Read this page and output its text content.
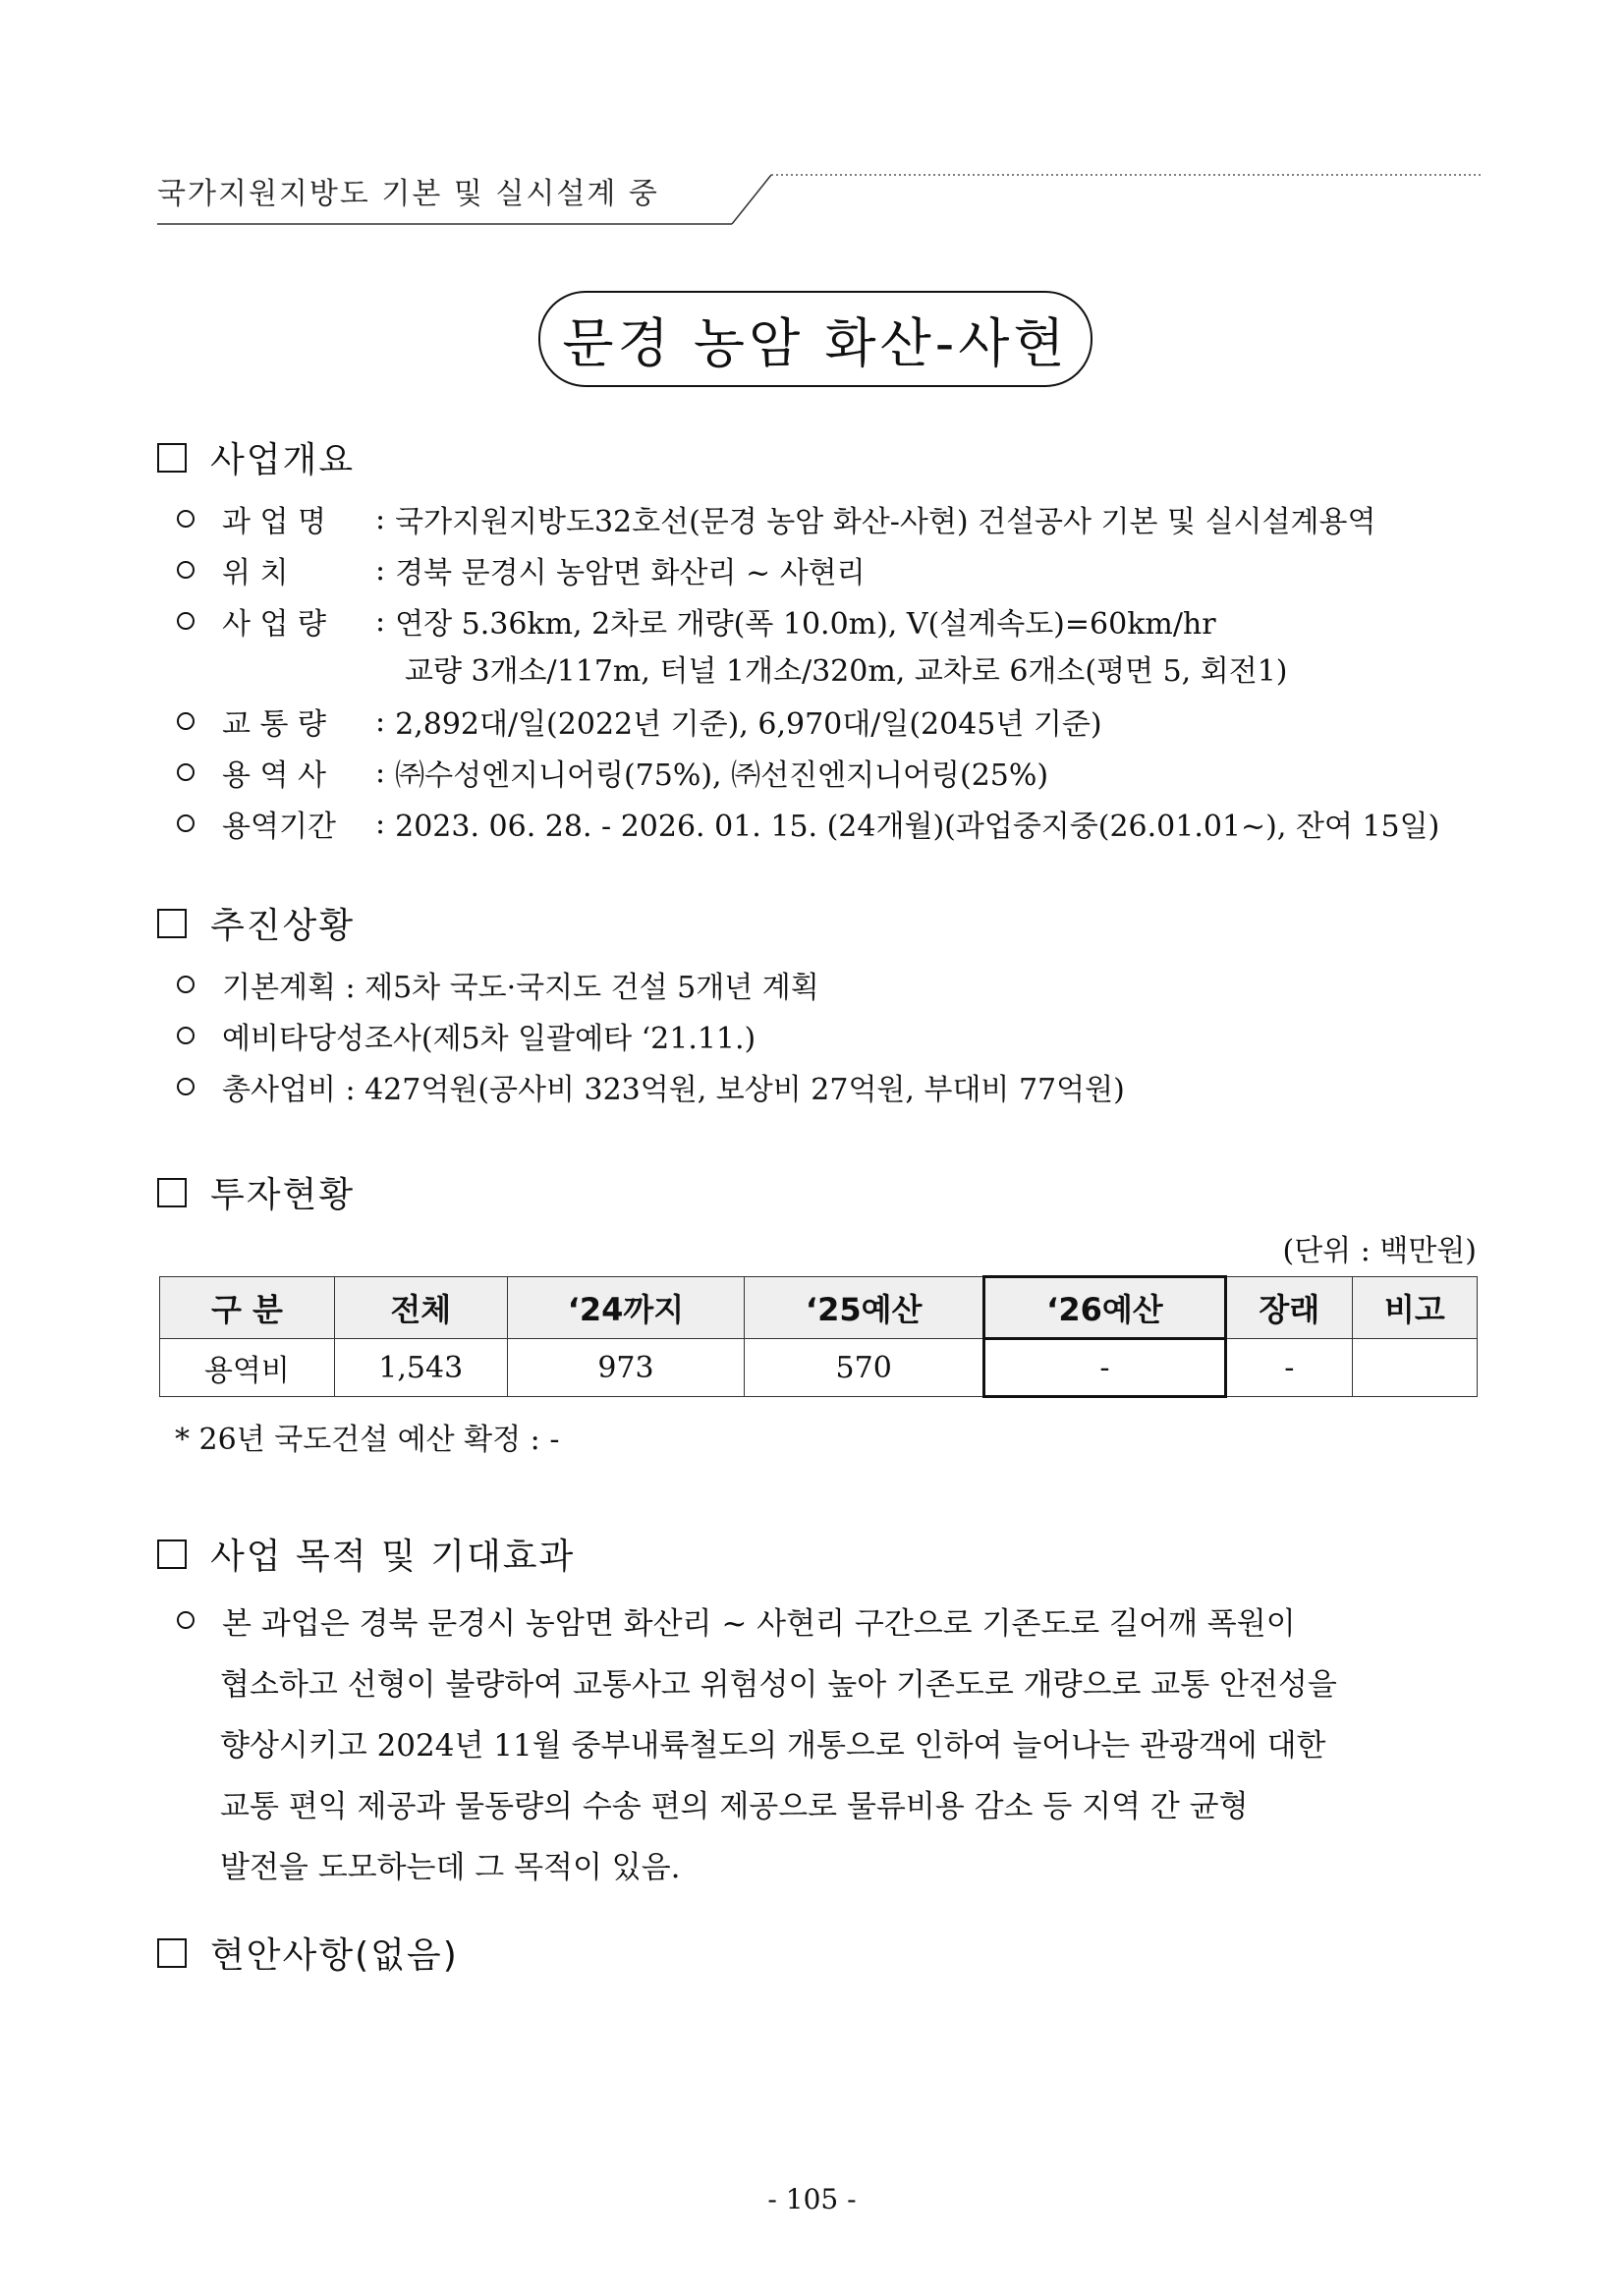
국가지원지방도 기본 및 실시설계 중
문경 농암 화산-사현
사업개요
과 업 명	: 국가지원지방도32호선(문경 농암 화산-사현) 건설공사 기본 및 실시설계용역
위 치	: 경북 문경시 농암면 화산리 ~ 사현리
사 업 량	: 연장 5.36km, 2차로 개량(폭 10.0m), V(설계속도)=60km/hr
교량 3개소/117m, 터널 1개소/320m, 교차로 6개소(평면 5, 회전1)
교 통 량	: 2,892대/일(2022년 기준), 6,970대/일(2045년 기준)
용 역 사	: ㈜수성엔지니어링(75%), ㈜선진엔지니어링(25%)
용역기간	: 2023. 06. 28. - 2026. 01. 15. (24개월)(과업중지중(26.01.01~), 잔여 15일)
추진상황
기본계획 : 제5차 국도·국지도 건설 5개년 계획
예비타당성조사(제5차 일괄예타 ‘21.11.)
총사업비 : 427억원(공사비 323억원, 보상비 27억원, 부대비 77억원)
투자현황
(단위 : 백만원)
구 분	전체	‘24까지	‘25예산	‘26예산	장래	비고
용역비	1,543	973	570	-	-	
* 26년 국도건설 예산 확정 : -
사업 목적 및 기대효과
본 과업은 경북 문경시 농암면 화산리 ~ 사현리 구간으로 기존도로 길어깨 폭원이
협소하고 선형이 불량하여 교통사고 위험성이 높아 기존도로 개량으로 교통 안전성을
향상시키고 2024년 11월 중부내륙철도의 개통으로 인하여 늘어나는 관광객에 대한
교통 편익 제공과 물동량의 수송 편의 제공으로 물류비용 감소 등 지역 간 균형
발전을 도모하는데 그 목적이 있음.
현안사항(없음)
- 105 -
